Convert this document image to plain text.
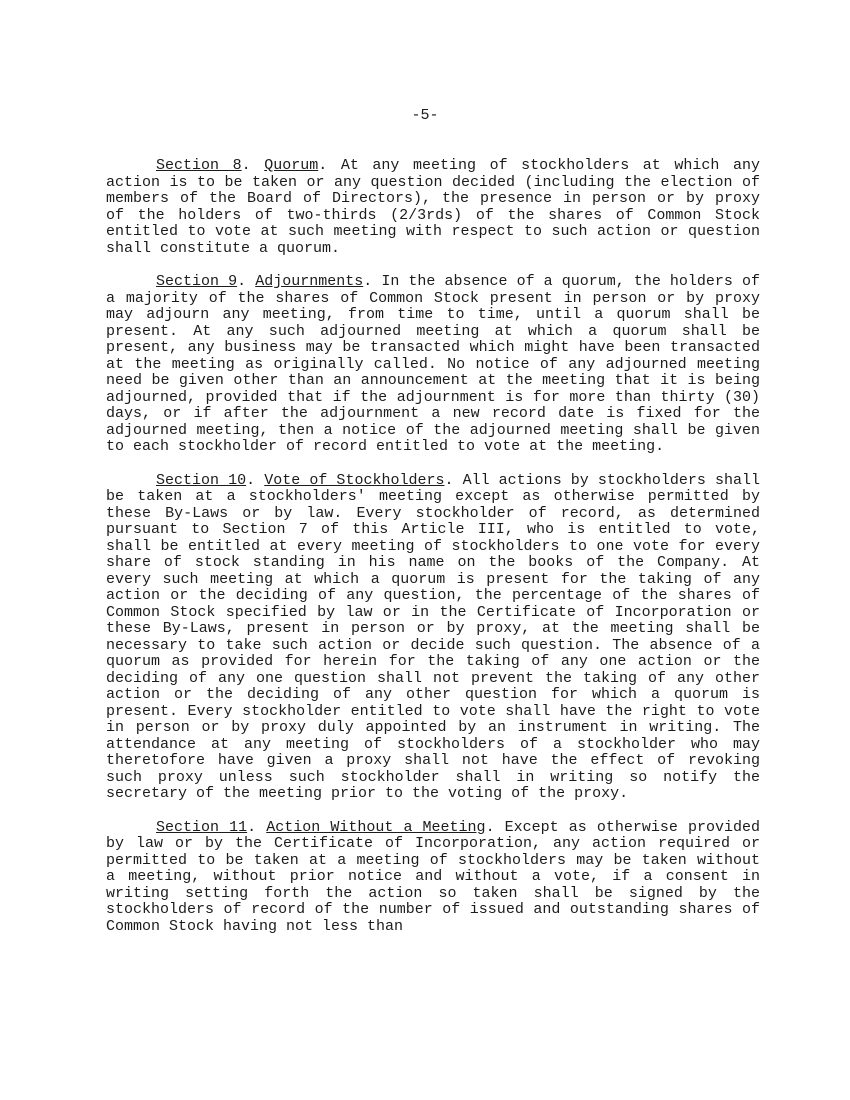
-5-

Section 8. Quorum. At any meeting of stockholders at which any action is to be taken or any question decided (including the election of members of the Board of Directors), the presence in person or by proxy of the holders of two-thirds (2/3rds) of the shares of Common Stock entitled to vote at such meeting with respect to such action or question shall constitute a quorum.

Section 9. Adjournments. In the absence of a quorum, the holders of a majority of the shares of Common Stock present in person or by proxy may adjourn any meeting, from time to time, until a quorum shall be present. At any such adjourned meeting at which a quorum shall be present, any business may be transacted which might have been transacted at the meeting as originally called. No notice of any adjourned meeting need be given other than an announcement at the meeting that it is being adjourned, provided that if the adjournment is for more than thirty (30) days, or if after the adjournment a new record date is fixed for the adjourned meeting, then a notice of the adjourned meeting shall be given to each stockholder of record entitled to vote at the meeting.

Section 10. Vote of Stockholders. All actions by stockholders shall be taken at a stockholders' meeting except as otherwise permitted by these By-Laws or by law. Every stockholder of record, as determined pursuant to Section 7 of this Article III, who is entitled to vote, shall be entitled at every meeting of stockholders to one vote for every share of stock standing in his name on the books of the Company. At every such meeting at which a quorum is present for the taking of any action or the deciding of any question, the percentage of the shares of Common Stock specified by law or in the Certificate of Incorporation or these By-Laws, present in person or by proxy, at the meeting shall be necessary to take such action or decide such question. The absence of a quorum as provided for herein for the taking of any one action or the deciding of any one question shall not prevent the taking of any other action or the deciding of any other question for which a quorum is present. Every stockholder entitled to vote shall have the right to vote in person or by proxy duly appointed by an instrument in writing. The attendance at any meeting of stockholders of a stockholder who may theretofore have given a proxy shall not have the effect of revoking such proxy unless such stockholder shall in writing so notify the secretary of the meeting prior to the voting of the proxy.

Section 11. Action Without a Meeting. Except as otherwise provided by law or by the Certificate of Incorporation, any action required or permitted to be taken at a meeting of stockholders may be taken without a meeting, without prior notice and without a vote, if a consent in writing setting forth the action so taken shall be signed by the stockholders of record of the number of issued and outstanding shares of Common Stock having not less than
